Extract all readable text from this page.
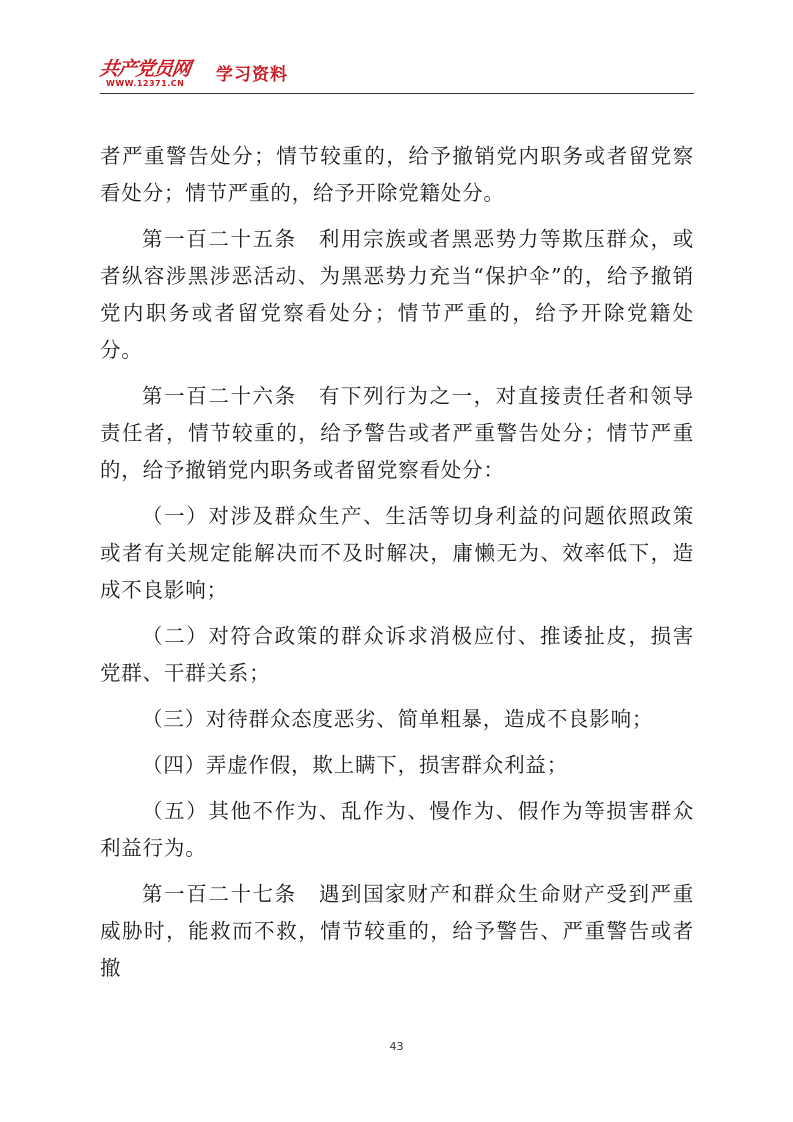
共产党员网
WWW.12371.CN 学习资料

者严重警告处分；情节较重的，给予撤销党内职务或者留党察看处分；情节严重的，给予开除党籍处分。

第一百二十五条　利用宗族或者黑恶势力等欺压群众，或者纵容涉黑涉恶活动、为黑恶势力充当“保护伞”的，给予撤销党内职务或者留党察看处分；情节严重的，给予开除党籍处分。

第一百二十六条　有下列行为之一，对直接责任者和领导责任者，情节较重的，给予警告或者严重警告处分；情节严重的，给予撤销党内职务或者留党察看处分：

（一）对涉及群众生产、生活等切身利益的问题依照政策或者有关规定能解决而不及时解决，庸懒无为、效率低下，造成不良影响；

（二）对符合政策的群众诉求消极应付、推诿扯皮，损害党群、干群关系；

（三）对待群众态度恶劣、简单粗暴，造成不良影响；

（四）弄虚作假，欺上瞒下，损害群众利益；

（五）其他不作为、乱作为、慢作为、假作为等损害群众利益行为。

第一百二十七条　遇到国家财产和群众生命财产受到严重威胁时，能救而不救，情节较重的，给予警告、严重警告或者撤

43
